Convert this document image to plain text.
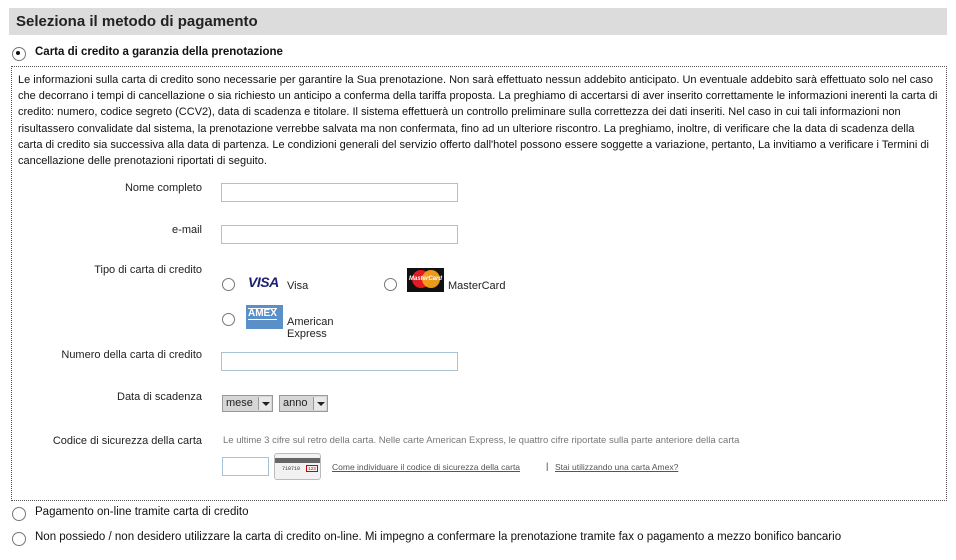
Seleziona il metodo di pagamento
Carta di credito a garanzia della prenotazione
Le informazioni sulla carta di credito sono necessarie per garantire la Sua prenotazione. Non sarà effettuato nessun addebito anticipato. Un eventuale addebito sarà effettuato solo nel caso che decorrano i tempi di cancellazione o sia richiesto un anticipo a conferma della tariffa proposta. La preghiamo di accertarsi di aver inserito correttamente le informazioni inerenti la carta di credito: numero, codice segreto (CCV2), data di scadenza e titolare. Il sistema effettuerà un controllo preliminare sulla correttezza dei dati inseriti. Nel caso in cui tali informazioni non risultassero convalidate dal sistema, la prenotazione verrebbe salvata ma non confermata, fino ad un ulteriore riscontro. La preghiamo, inoltre, di verificare che la data di scadenza della carta di credito sia successiva alla data di partenza. Le condizioni generali del servizio offerto dall'hotel possono essere soggette a variazione, pertanto, La invitiamo a verificare i Termini di cancellazione delle prenotazioni riportati di seguito.
Nome completo
e-mail
Tipo di carta di credito
VISA Visa
MasterCard
MasterCard
AMEX
American
Express
Numero della carta di credito
Data di scadenza	mese	anno
Codice di sicurezza della carta Le ultime 3 cifre sul retro della carta. Nelle carte American Express, le quattro cifre riportate sulla parte anteriore della carta
710710	123 Come individuare il codice di sicurezza della carta	| Stai utilizzando una carta Amex?
Pagamento on-line tramite carta di credito
Non possiedo / non desidero utilizzare la carta di credito on-line. Mi impegno a confermare la prenotazione tramite fax o pagamento a mezzo bonifico bancario
